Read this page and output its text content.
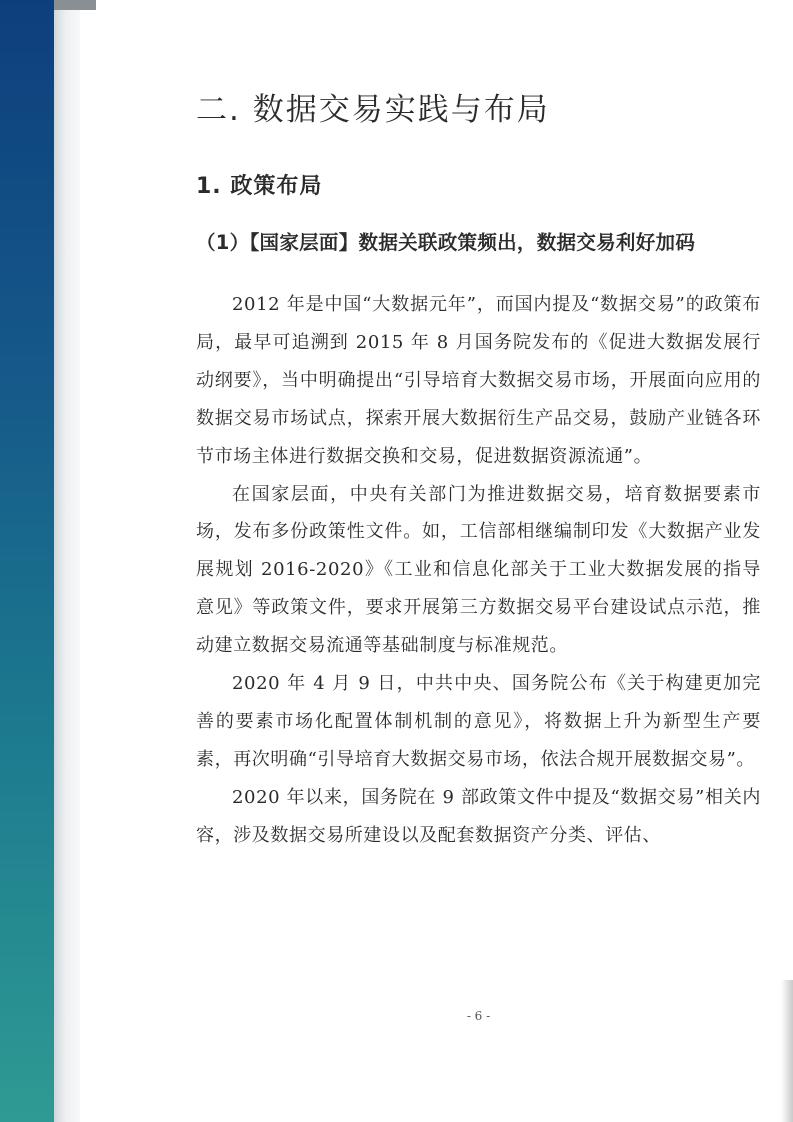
二. 数据交易实践与布局
1. 政策布局
（1）【国家层面】数据关联政策频出，数据交易利好加码

2012 年是中国“大数据元年”，而国内提及“数据交易”的政策布局，最早可追溯到 2015 年 8 月国务院发布的《促进大数据发展行动纲要》，当中明确提出“引导培育大数据交易市场，开展面向应用的数据交易市场试点，探索开展大数据衍生产品交易，鼓励产业链各环节市场主体进行数据交换和交易，促进数据资源流通”。

在国家层面，中央有关部门为推进数据交易，培育数据要素市场，发布多份政策性文件。如，工信部相继编制印发《大数据产业发展规划 2016-2020》《工业和信息化部关于工业大数据发展的指导意见》等政策文件，要求开展第三方数据交易平台建设试点示范，推动建立数据交易流通等基础制度与标准规范。

2020 年 4 月 9 日，中共中央、国务院公布《关于构建更加完善的要素市场化配置体制机制的意见》，将数据上升为新型生产要素，再次明确“引导培育大数据交易市场，依法合规开展数据交易”。

2020 年以来，国务院在 9 部政策文件中提及“数据交易”相关内容，涉及数据交易所建设以及配套数据资产分类、评估、

- 6 -
